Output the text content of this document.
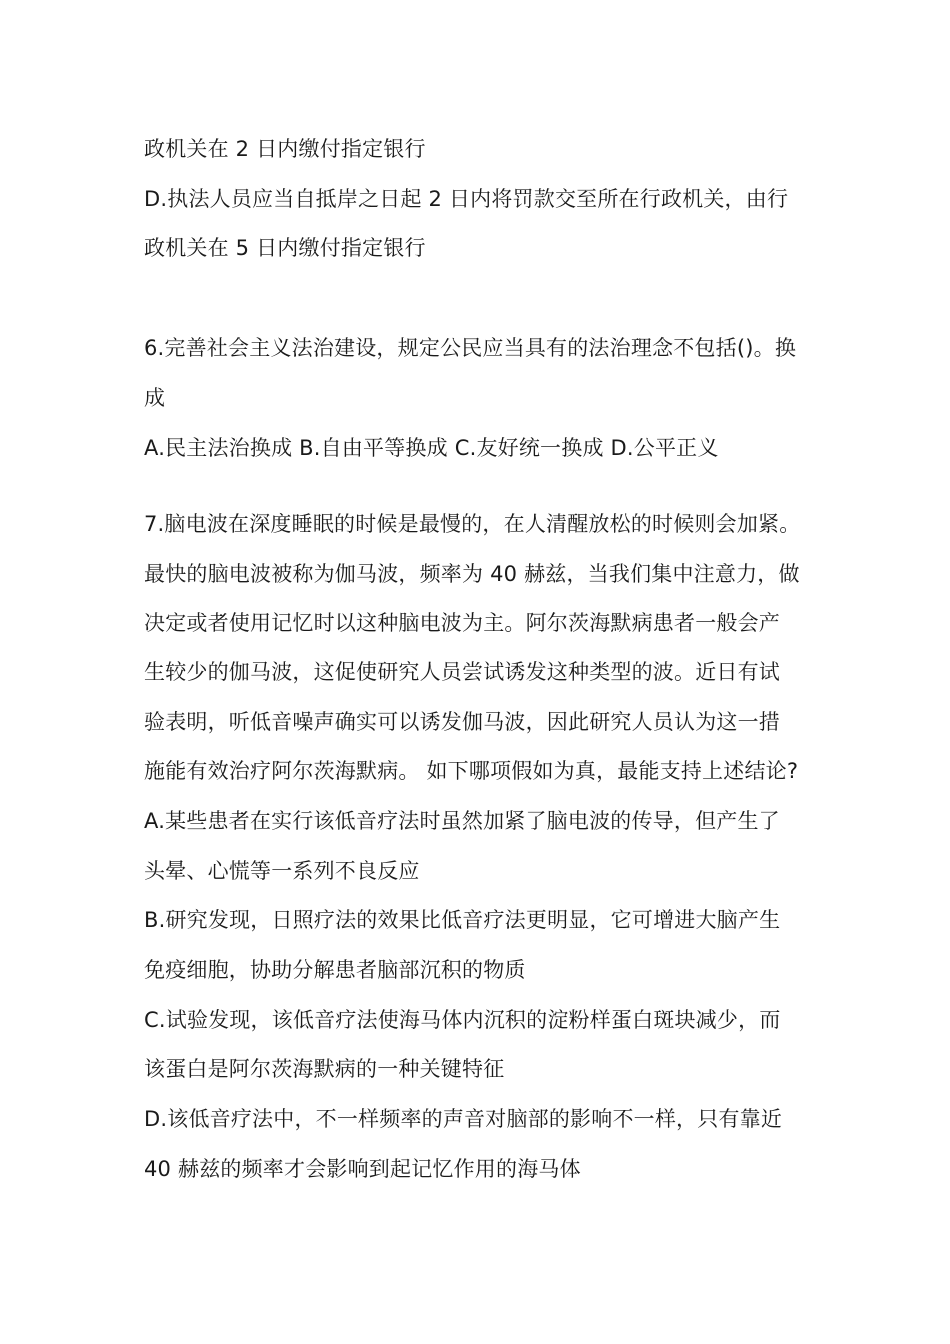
政机关在 2 日内缴付指定银行
D.执法人员应当自抵岸之日起 2 日内将罚款交至所在行政机关，由行
政机关在 5 日内缴付指定银行
6.完善社会主义法治建设，规定公民应当具有的法治理念不包括()。换
成
A.民主法治换成 B.自由平等换成 C.友好统一换成 D.公平正义
7.脑电波在深度睡眠的时候是最慢的，在人清醒放松的时候则会加紧。
最快的脑电波被称为伽马波，频率为 40 赫兹，当我们集中注意力，做
决定或者使用记忆时以这种脑电波为主。阿尔茨海默病患者一般会产
生较少的伽马波，这促使研究人员尝试诱发这种类型的波。近日有试
验表明，听低音噪声确实可以诱发伽马波，因此研究人员认为这一措
施能有效治疗阿尔茨海默病。 如下哪项假如为真，最能支持上述结论?
A.某些患者在实行该低音疗法时虽然加紧了脑电波的传导，但产生了
头晕、心慌等一系列不良反应
B.研究发现，日照疗法的效果比低音疗法更明显，它可增进大脑产生
免疫细胞，协助分解患者脑部沉积的物质
C.试验发现，该低音疗法使海马体内沉积的淀粉样蛋白斑块减少，而
该蛋白是阿尔茨海默病的一种关键特征
D.该低音疗法中，不一样频率的声音对脑部的影响不一样，只有靠近
40 赫兹的频率才会影响到起记忆作用的海马体
